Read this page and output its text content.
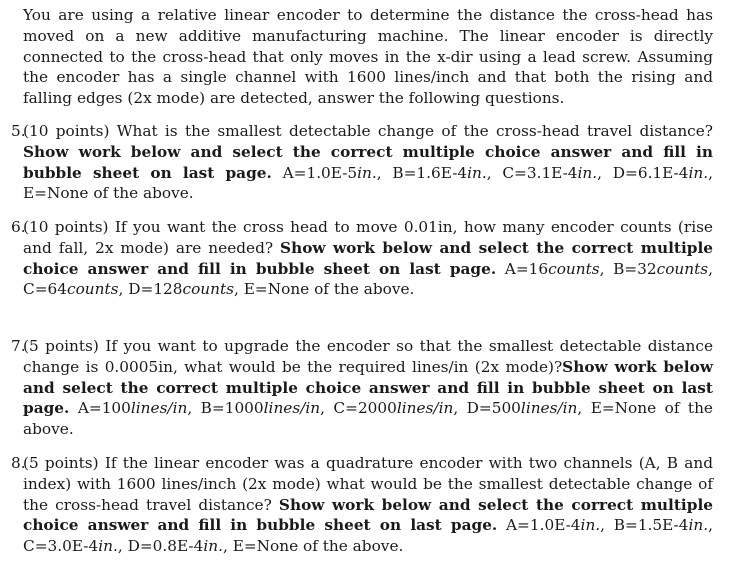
You are using a relative linear encoder to determine the distance the cross-head has moved on a new additive manufacturing machine. The linear encoder is directly connected to the cross-head that only moves in the x-dir using a lead screw. Assuming the encoder has a single channel with 1600 lines/inch and that both the rising and falling edges (2x mode) are detected, answer the following questions.
5.
(10 points) What is the smallest detectable change of the cross-head travel distance? Show work below and select the correct multiple choice answer and fill in bubble sheet on last page. A=1.0E-5in., B=1.6E-4in., C=3.1E-4in., D=6.1E-4in., E=None of the above.
6.
(10 points) If you want the cross head to move 0.01in, how many encoder counts (rise and fall, 2x mode) are needed? Show work below and select the correct multiple choice answer and fill in bubble sheet on last page. A=16counts, B=32counts, C=64counts, D=128counts, E=None of the above.
7.
(5 points) If you want to upgrade the encoder so that the smallest detectable distance change is 0.0005in, what would be the required lines/in (2x mode)?Show work below and select the correct multiple choice answer and fill in bubble sheet on last page. A=100lines/in, B=1000lines/in, C=2000lines/in, D=500lines/in, E=None of the above.
8.
(5 points) If the linear encoder was a quadrature encoder with two channels (A, B and index) with 1600 lines/inch (2x mode) what would be the smallest detectable change of the cross-head travel distance? Show work below and select the correct multiple choice answer and fill in bubble sheet on last page. A=1.0E-4in., B=1.5E-4in., C=3.0E-4in., D=0.8E-4in., E=None of the above.
